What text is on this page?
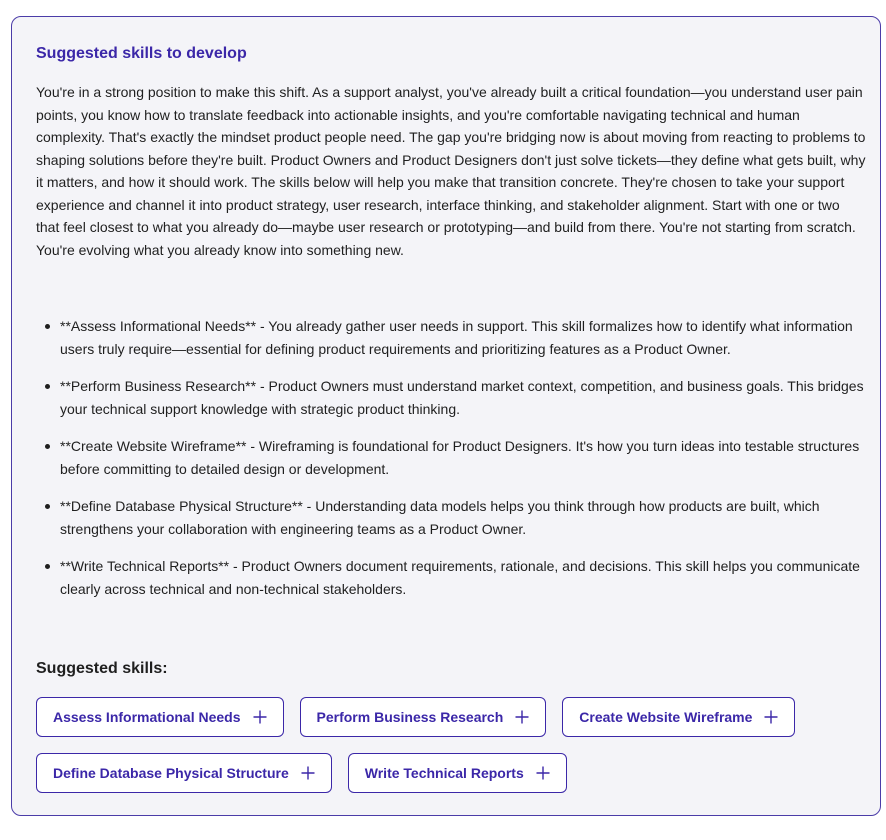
Suggested skills to develop

You're in a strong position to make this shift. As a support analyst, you've already built a critical foundation—you understand user pain points, you know how to translate feedback into actionable insights, and you're comfortable navigating technical and human complexity. That's exactly the mindset product people need. The gap you're bridging now is about moving from reacting to problems to shaping solutions before they're built. Product Owners and Product Designers don't just solve tickets—they define what gets built, why it matters, and how it should work. The skills below will help you make that transition concrete. They're chosen to take your support experience and channel it into product strategy, user research, interface thinking, and stakeholder alignment. Start with one or two that feel closest to what you already do—maybe user research or prototyping—and build from there. You're not starting from scratch. You're evolving what you already know into something new.

**Assess Informational Needs** - You already gather user needs in support. This skill formalizes how to identify what information users truly require—essential for defining product requirements and prioritizing features as a Product Owner.
**Perform Business Research** - Product Owners must understand market context, competition, and business goals. This bridges your technical support knowledge with strategic product thinking.
**Create Website Wireframe** - Wireframing is foundational for Product Designers. It's how you turn ideas into testable structures before committing to detailed design or development.
**Define Database Physical Structure** - Understanding data models helps you think through how products are built, which strengthens your collaboration with engineering teams as a Product Owner.
**Write Technical Reports** - Product Owners document requirements, rationale, and decisions. This skill helps you communicate clearly across technical and non-technical stakeholders.
Suggested skills:
Assess Informational Needs	Perform Business Research	Create Website Wireframe
Define Database Physical Structure	Write Technical Reports
